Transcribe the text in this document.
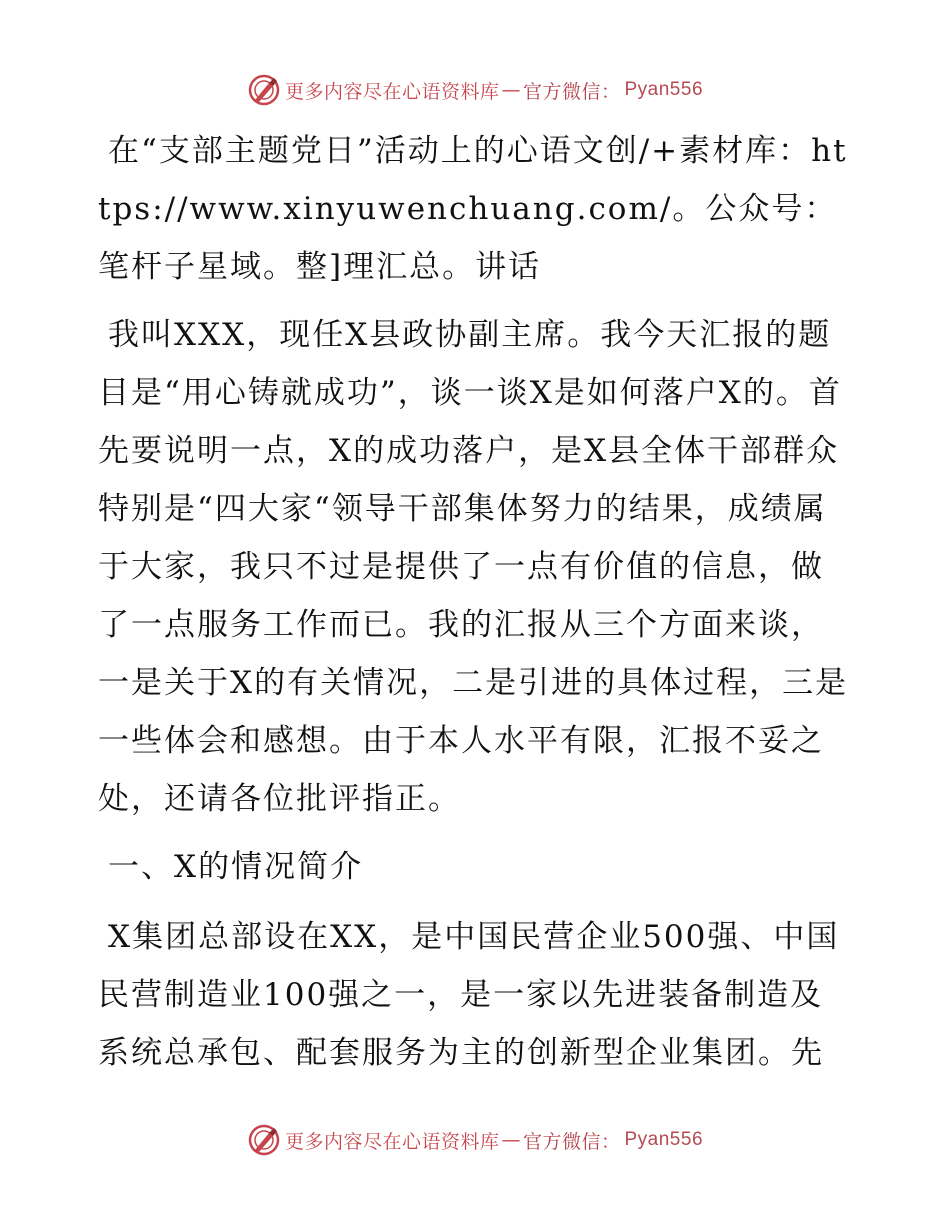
更多内容尽在心语资料库 — 官方微信： Pyan556

在“支部主题党日”活动上的心语文创/+素材库：https://www.xinyuwenchuang.com/。公众号：笔杆子星域。整]理汇总。讲话

我叫XXX，现任X县政协副主席。我今天汇报的题目是“用心铸就成功”，谈一谈X是如何落户X的。首先要说明一点，X的成功落户，是X县全体干部群众特别是“四大家“领导干部集体努力的结果，成绩属于大家，我只不过是提供了一点有价值的信息，做了一点服务工作而已。我的汇报从三个方面来谈，一是关于X的有关情况，二是引进的具体过程，三是一些体会和感想。由于本人水平有限，汇报不妥之处，还请各位批评指正。

一、X的情况简介

X集团总部设在XX，是中国民营企业500强、中国民营制造业100强之一，是一家以先进装备制造及系统总承包、配套服务为主的创新型企业集团。先

更多内容尽在心语资料库 — 官方微信： Pyan556
